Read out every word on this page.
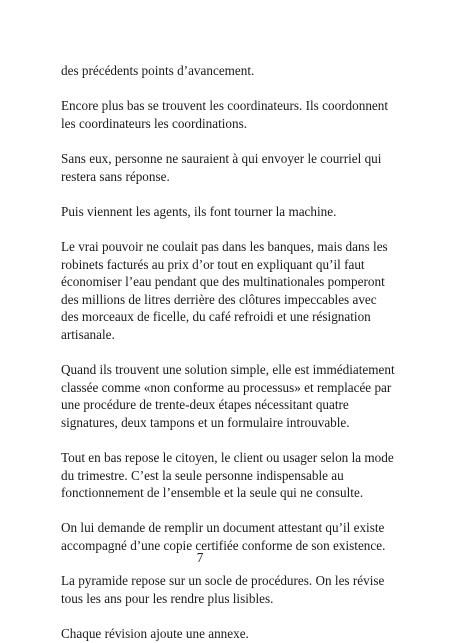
des précédents points d’avancement.

Encore plus bas se trouvent les coordinateurs. Ils coordonnent
les coordinateurs les coordinations.

Sans eux, personne ne sauraient à qui envoyer le courriel qui
restera sans réponse.

Puis viennent les agents, ils font tourner la machine.

Le vrai pouvoir ne coulait pas dans les banques, mais dans les
robinets facturés au prix d’or tout en expliquant qu’il faut
économiser l’eau pendant que des multinationales pomperont
des millions de litres derrière des clôtures impeccables avec
des morceaux de ficelle, du café refroidi et une résignation
artisanale.

Quand ils trouvent une solution simple, elle est immédiatement
classée comme «non conforme au processus» et remplacée par
une procédure de trente-deux étapes nécessitant quatre
signatures, deux tampons et un formulaire introuvable.

Tout en bas repose le citoyen, le client ou usager selon la mode
du trimestre. C’est la seule personne indispensable au
fonctionnement de l’ensemble et la seule qui ne consulte.

On lui demande de remplir un document attestant qu’il existe
accompagné d’une copie certifiée conforme de son existence.

La pyramide repose sur un socle de procédures. On les révise
tous les ans pour les rendre plus lisibles.

Chaque révision ajoute une annexe.

7
